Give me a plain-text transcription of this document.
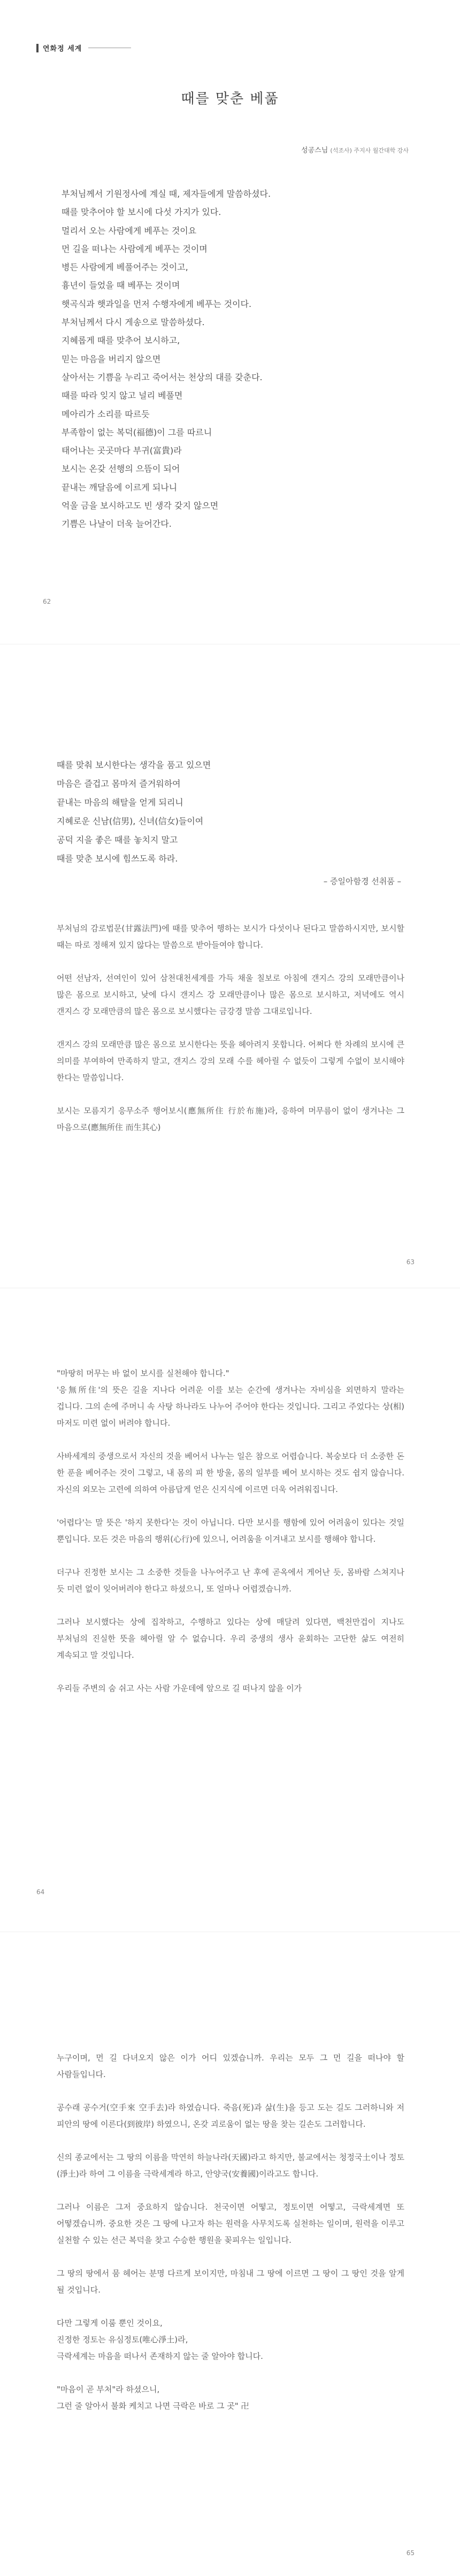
연화정 세계
때를 맞춘 베풂
성공스님 (석조사) 주지사 월간대학 강사
부처님께서 기원정사에 계실 때, 제자들에게 말씀하셨다.
때를 맞추어야 할 보시에 다섯 가지가 있다.
멀리서 오는 사람에게 베푸는 것이요
먼 길을 떠나는 사람에게 베푸는 것이며
병든 사람에게 베풀어주는 것이고,
흉년이 들었을 때 베푸는 것이며
햇곡식과 햇과일을 먼저 수행자에게 베푸는 것이다.
부처님께서 다시 게송으로 말씀하셨다.
지혜롭게 때를 맞추어 보시하고,
믿는 마음을 버리지 않으면
살아서는 기쁨을 누리고 죽어서는 천상의 대를 갖춘다.
때를 따라 잊지 않고 널리 베풀면
메아리가 소리를 따르듯
부족함이 없는 복덕(福德)이 그를 따르니
태어나는 곳곳마다 부귀(富貴)라
보시는 온갖 선행의 으뜸이 되어
끝내는 깨달음에 이르게 되나니
억울 금을 보시하고도 빈 생각 갖지 않으면
기쁨은 나날이 더욱 늘어간다.
62
때를 맞춰 보시한다는 생각을 품고 있으면
마음은 즐겁고 몸마저 즐거워하여
끝내는 마음의 해탈을 얻게 되리니
지혜로운 신남(信男), 신녀(信女)들이여
공덕 지을 좋은 때를 놓치지 말고
때를 맞춘 보시에 힘쓰도록 하라.
– 증일아함경 선취품 –

부처님의 감로법문(甘露法門)에 때를 맞추어 행하는 보시가 다섯이나 된다고 말씀하시지만, 보시할 때는 따로 정해져 있지 않다는 말씀으로 받아들여야 합니다.

어떤 선남자, 선여인이 있어 삼천대천세계를 가득 채울 칠보로 아침에 갠지스 강의 모래만큼이나 많은 몸으로 보시하고, 낮에 다시 갠지스 강 모래만큼이나 많은 몸으로 보시하고, 저녁에도 역시 갠지스 강 모래만큼의 많은 몸으로 보시했다는 금강경 말씀 그대로입니다.

갠지스 강의 모래만큼 많은 몸으로 보시한다는 뜻을 헤아려지 못합니다. 어쩌다 한 차례의 보시에 큰 의미를 부여하여 만족하지 말고, 갠지스 강의 모래 수를 헤아릴 수 없듯이 그렇게 수없이 보시해야 한다는 말씀입니다.

보시는 모름지기 응무소주 행어보시(應無所住 行於布施)라, 응하여 머무름이 없이 생겨나는 그 마음으로(應無所住 而生其心)

63

"마땅히 머무는 바 없이 보시를 실천해야 합니다."

'응無所住'의 뜻은 길을 지나다 어려운 이를 보는 순간에 생겨나는 자비심을 외면하지 말라는 겁니다. 그의 손에 주머니 속 사탕 하나라도 나누어 주어야 한다는 것입니다. 그리고 주었다는 상(相)마저도 미련 없이 버려야 합니다.

사바세계의 중생으로서 자신의 것을 베어서 나누는 일은 참으로 어렵습니다. 복숭보다 더 소중한 돈 한 푼을 베어주는 것이 그렇고, 내 몸의 피 한 방울, 몸의 일부를 베어 보시하는 것도 쉽지 않습니다. 자신의 외모는 고련에 의하여 아름답게 얻은 신지식에 이르면 더욱 어려워집니다.

'어렵다'는 말 뜻은 '하지 못한다'는 것이 아닙니다. 다만 보시를 행함에 있어 어려움이 있다는 것일 뿐입니다. 모든 것은 마음의 행위(心行)에 있으니, 어려움을 이겨내고 보시를 행해야 합니다.

더구나 진정한 보시는 그 소중한 것들을 나누어주고 난 후에 곧옥에서 게어난 듯, 몸바람 스쳐지나 듯 미련 없이 잊어버려야 한다고 하셨으니, 또 얼마나 어렵겠습니까.

그러나 보시했다는 상에 집착하고, 수행하고 있다는 상에 매달려 있다면, 백천만겁이 지나도 부처님의 진실한 뜻을 헤아릴 알 수 없습니다. 우리 중생의 생사 윤회하는 고단한 삶도 여전히 계속되고 말 것입니다.

우리들 주변의 숨 쉬고 사는 사람 가운데에 앞으로 길 떠나지 않을 이가

64

누구이며, 먼 길 다녀오지 않은 이가 어디 있겠습니까. 우리는 모두 그 먼 길을 떠나야 할 사람들입니다.

공수래 공수거(空手來 空手去)라 하였습니다. 죽음(死)과 삶(生)을 등고 도는 길도 그러하니와 저 피안의 땅에 이른다(到彼岸) 하였으니, 온갖 괴로움이 없는 땅을 찾는 길손도 그러합니다.

신의 종교에서는 그 땅의 이름을 막연히 하늘나라(天國)라고 하지만, 불교에서는 청정국土이나 정토(淨土)라 하여 그 이름을 극락세계라 하고, 안양국(安養國)이라고도 합니다.

그러나 이름은 그저 중요하지 않습니다. 천국이면 어떻고, 정토이면 어떻고, 극락세계면 또 어떻겠습니까. 중요한 것은 그 땅에 나고자 하는 원력을 사무치도록 실천하는 일이며, 원력을 이루고 실천할 수 있는 선근 복덕을 찾고 수승한 행원을 꽂피우는 일입니다.

그 땅의 땅에서 뭄 헤어는 분명 다르게 보이지만, 마침내 그 땅에 이르면 그 땅이 그 땅인 것을 알게 될 것입니다.

다만 그렇게 이룸 뿐인 것이요,
진정한 정토는 유심정토(唯心淨土)라,
극락세계는 마음을 떠나서 존재하지 않는 줄 알아야 합니다.

"마음이 곧 부처"라 하셨으니,
그런 줄 알아서 불화 케치고 나면 극락은 바로 그 곳" 卍

65
